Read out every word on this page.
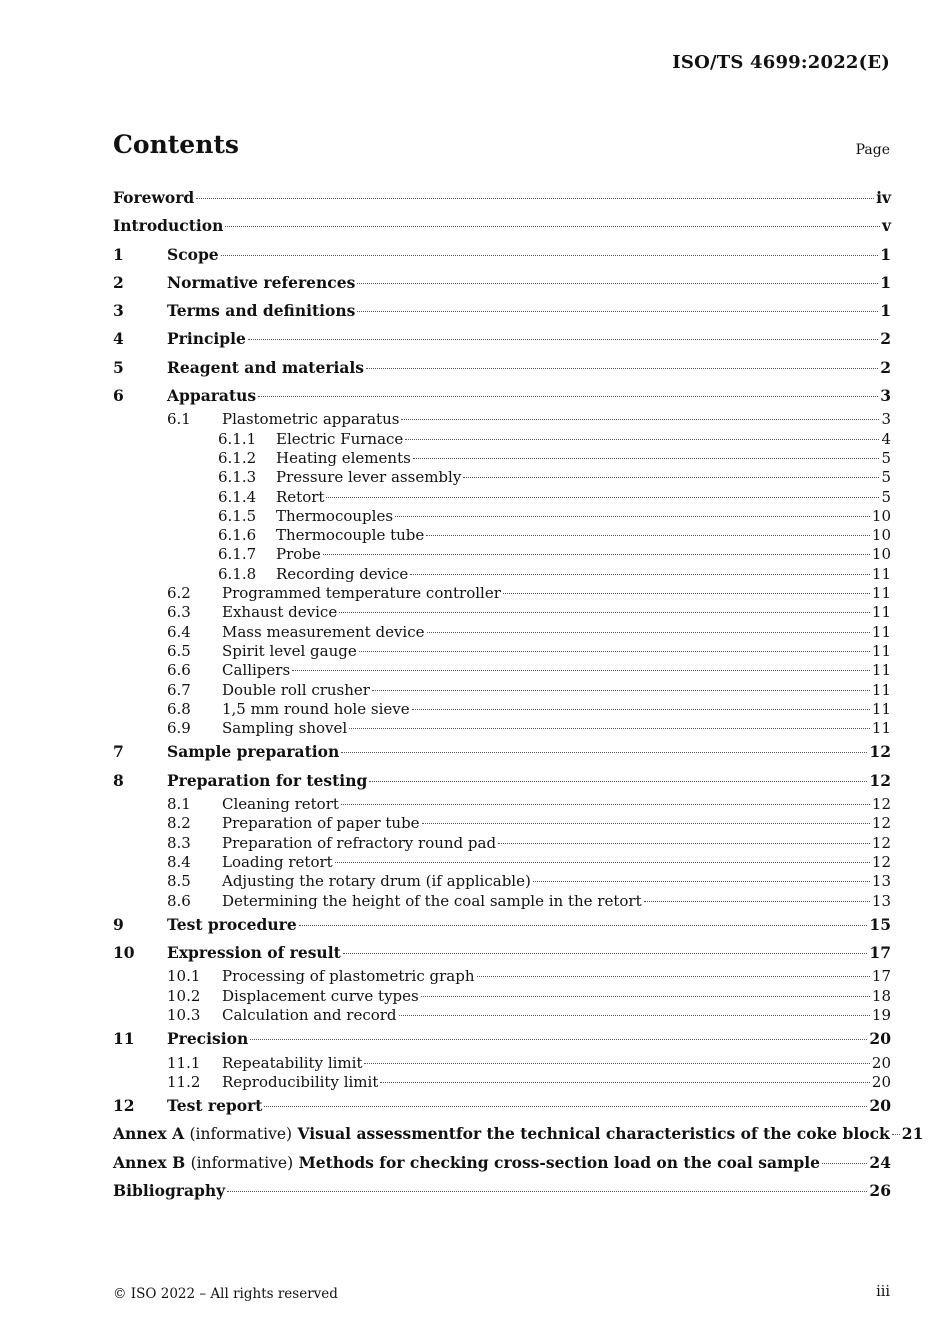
ISO/TS 4699:2022(E)
Contents	Page
Foreword	iv
Introduction	v
1	Scope	1
2	Normative references	1
3	Terms and definitions	1
4	Principle	2
5	Reagent and materials	2
6	Apparatus	3
6.1	Plastometric apparatus	3
6.1.1	Electric Furnace	4
6.1.2	Heating elements	5
6.1.3	Pressure lever assembly	5
6.1.4	Retort	5
6.1.5	Thermocouples	10
6.1.6	Thermocouple tube	10
6.1.7	Probe	10
6.1.8	Recording device	11
6.2	Programmed temperature controller	11
6.3	Exhaust device	11
6.4	Mass measurement device	11
6.5	Spirit level gauge	11
6.6	Callipers	11
6.7	Double roll crusher	11
6.8	1,5 mm round hole sieve	11
6.9	Sampling shovel	11
7	Sample preparation	12
8	Preparation for testing	12
8.1	Cleaning retort	12
8.2	Preparation of paper tube	12
8.3	Preparation of refractory round pad	12
8.4	Loading retort	12
8.5	Adjusting the rotary drum (if applicable)	13
8.6	Determining the height of the coal sample in the retort	13
9	Test procedure	15
10	Expression of result	17
10.1	Processing of plastometric graph	17
10.2	Displacement curve types	18
10.3	Calculation and record	19
11	Precision	20
11.1	Repeatability limit	20
11.2	Reproducibility limit	20
12	Test report	20
Annex A (informative) Visual assessmentfor the technical characteristics of the coke block 21
Annex B (informative) Methods for checking cross-section load on the coal sample	24
Bibliography	26
© ISO 2022 – All rights reserved	iii
